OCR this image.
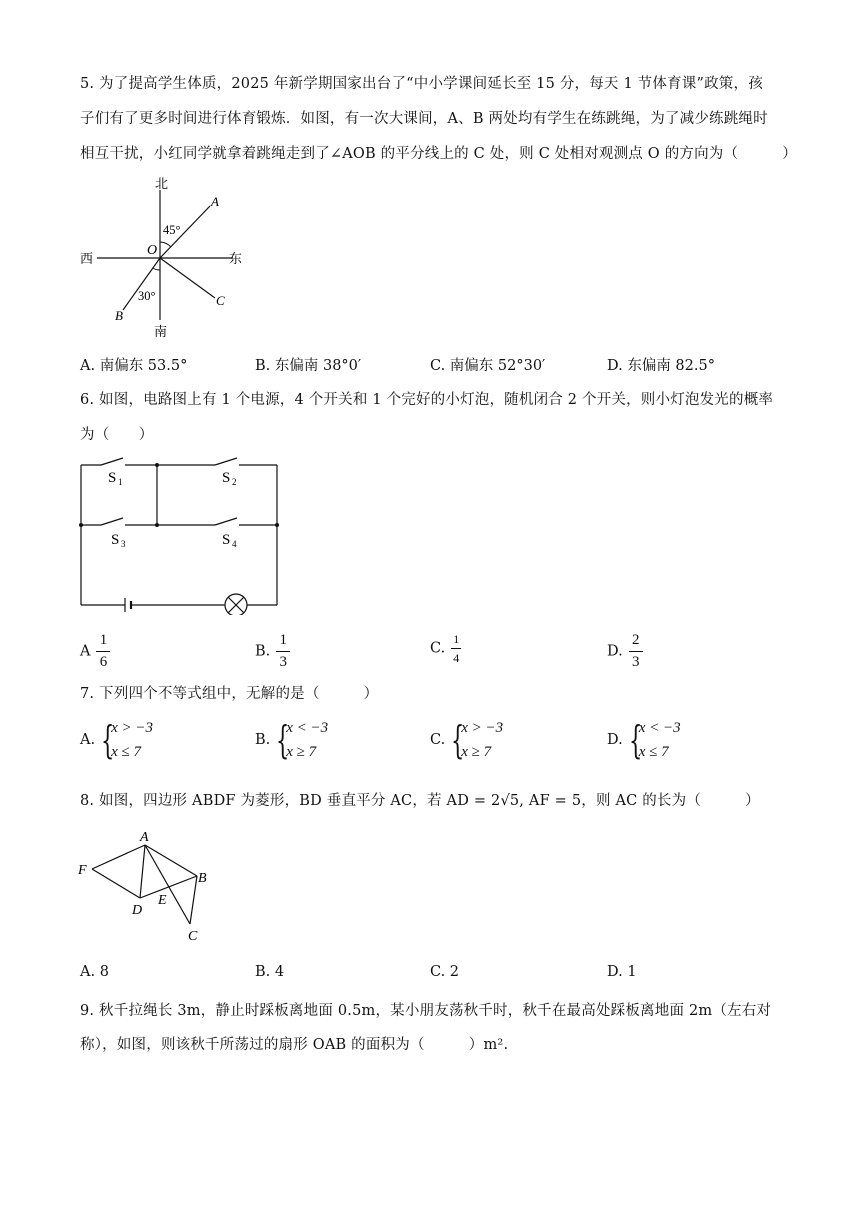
5. 为了提高学生体质，2025 年新学期国家出台了“中小学课间延长至 15 分，每天 1 节体育课”政策，孩
子们有了更多时间进行体育锻炼．如图，有一次大课间，A、B 两处均有学生在练跳绳，为了减少练跳绳时
相互干扰，小红同学就拿着跳绳走到了∠AOB 的平分线上的 C 处，则 C 处相对观测点 O 的方向为（　　　）
北
南
西	东
O
A
B
C
45°
30°
A. 南偏东 53.5°	B. 东偏南 38°0′	C. 南偏东 52°30′	D. 东偏南 82.5°
6. 如图，电路图上有 1 个电源，4 个开关和 1 个完好的小灯泡，随机闭合 2 个开关，则小灯泡发光的概率
为（　　）
S 1	S 2
S 3	S 4
A $\frac{1}{6}$	B. $\frac{1}{3}$	C. $\frac{1}{4}$	D. $\frac{2}{3}$
7. 下列四个不等式组中，无解的是（　　　）
A. {
x > −3
x ≤ 7
B. {
x < −3
x ≥ 7
C. {
x > −3
x ≥ 7
D. {
x < −3
x ≤ 7
8. 如图，四边形 ABDF 为菱形，BD 垂直平分 AC，若 AD = 2√5, AF = 5，则 AC 的长为（　　　）
A
B
C
D
E
F
A. 8	B. 4	C. 2	D. 1
9. 秋千拉绳长 3m，静止时踩板离地面 0.5m，某小朋友荡秋千时，秋千在最高处踩板离地面 2m（左右对
称），如图，则该秋千所荡过的扇形 OAB 的面积为（　　　）m².
